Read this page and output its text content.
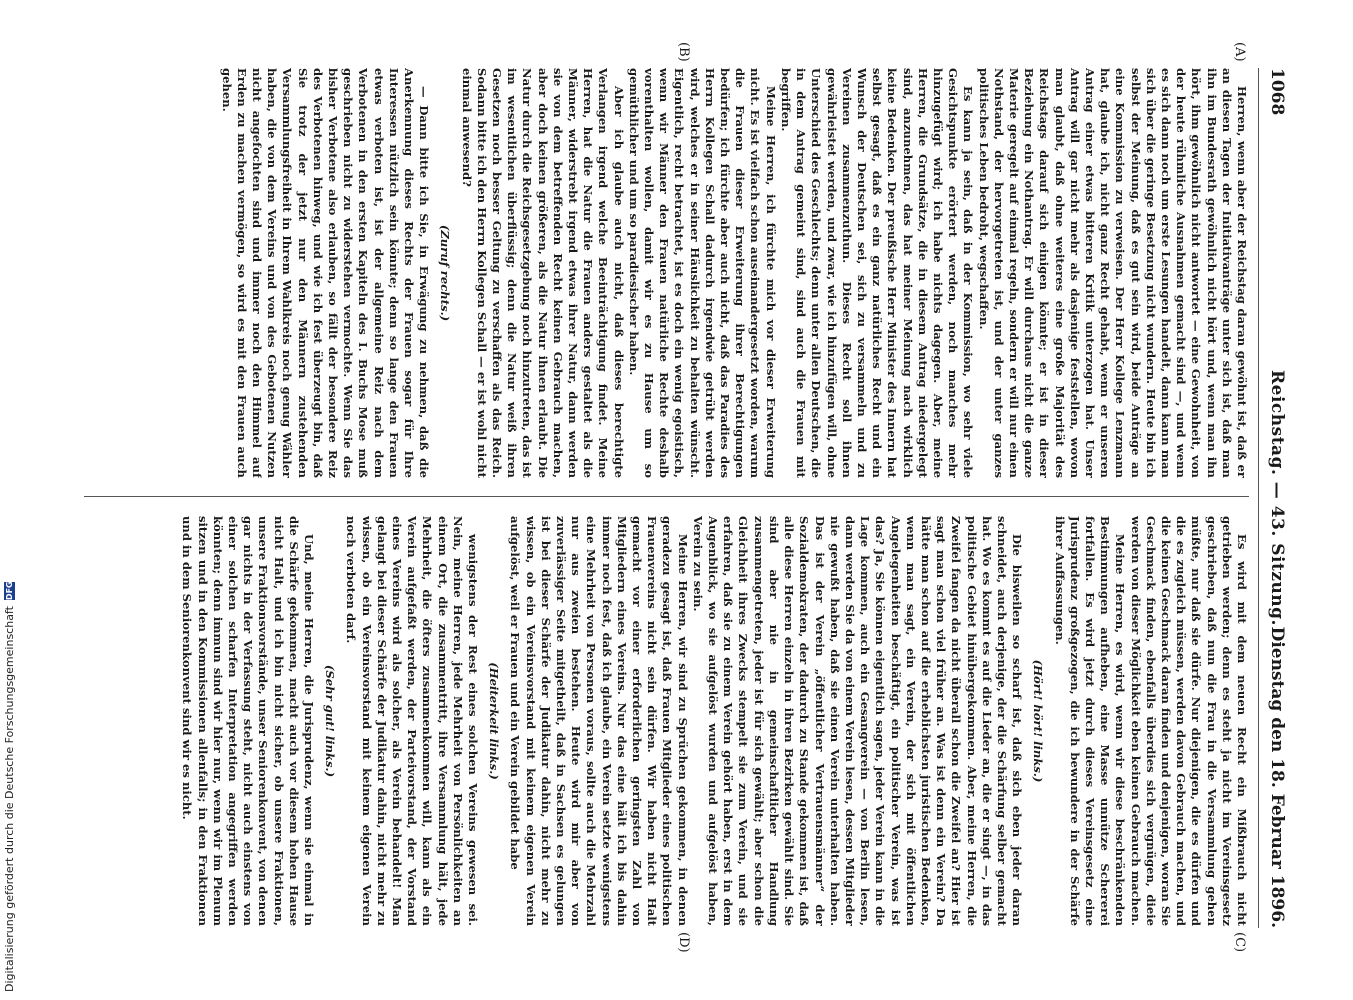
1068
Reichstag. — 43. Sitzung.
Dienstag den 18. Februar 1896.
(A)
(B)
(C)
(D)

Herren, wenn aber der Reichstag daran gewöhnt ist, daß er an diesen Tagen der Initiativanträge unter sich ist, daß man ihn im Bundesrath gewöhnlich nicht hört und, wenn man ihn hört, ihm gewöhnlich nicht antwortet — eine Gewohnheit, von der heute rühmliche Ausnahmen gemacht sind —, und wenn es sich dann noch um erste Lesungen handelt, dann kann man sich über die geringe Besetzung nicht wundern. Heute bin ich selbst der Meinung, daß es gut sein wird, beide Anträge an eine Kommission zu verweisen. Der Herr Kollege Lenzmann hat, glaube ich, nicht ganz Recht gehabt, wenn er unseren Antrag einer etwas bitteren Kritik unterzogen hat. Unser Antrag will gar nicht mehr als dasjenige feststellen, wovon man glaubt, daß ohne weiteres eine große Majorität des Reichstags darauf sich einigen könnte; er ist in dieser Beziehung ein Nothantrag. Er will durchaus nicht die ganze Materie geregelt auf einmal regeln, sondern er will nur einen Nothstand, der hervorgetreten ist, und der unter ganzes politisches Leben bedroht, wegschaffen.

Es kann ja sein, daß in der Kommission, wo sehr viele Gesichtspunkte erörtert werden, noch manches mehr hinzugefügt wird; ich habe nichts dagegen. Aber, meine Herren, die Grundsätze, die in diesem Antrag niedergelegt sind, anzunehmen, das hat meiner Meinung nach wirklich keine Bedenken. Der preußische Herr Minister des Innern hat selbst gesagt, daß es ein ganz natürliches Recht und ein Wunsch der Deutschen sei, sich zu versammeln und zu Vereinen zusammenzuthun. Dieses Recht soll ihnen gewährleistet werden, und zwar, wie ich hinzufügen will, ohne Unterschied des Geschlechts; denn unter allen Deutschen, die in dem Antrag gemeint sind, sind auch die Frauen mit begriffen.

Meine Herren, ich fürchte mich vor dieser Erweiterung nicht. Es ist vielfach schon auseinandergesetzt worden, warum die Frauen dieser Erweiterung ihrer Berechtigungen bedürfen; ich fürchte aber auch nicht, daß das Paradies des Herrn Kollegen Schall dadurch irgendwie getrübt werden wird, welches er in seiner Häuslichkeit zu behalten wünscht. Eigentlich, recht betrachtet, ist es doch ein wenig egoistisch, wenn wir Männer den Frauen natürliche Rechte deshalb vorenthalten wollen, damit wir es zu Hause um so gemüthlicher und um so paradiesischer haben.

Aber ich glaube auch nicht, daß dieses berechtigte Verlangen irgend welche Beeinträchtigung findet. Meine Herren, hat die Natur die Frauen anders gestaltet als die Männer, widerstrebt irgend etwas ihrer Natur, dann werden sie von dem betreffenden Recht keinen Gebrauch machen, aber doch keinen größeren, als die Natur ihnen erlaubt. Die Natur durch die Reichsgesetzgebung noch hinzutreten, das ist im wesentlichen überflüssig; denn die Natur weiß ihren Gesetzen noch besser Geltung zu verschaffen als das Reich. Sodann bitte ich den Herrn Kollegen Schall — er ist wohl nicht einmal anwesend?

(Zuruf rechts.)

— Dann bitte ich Sie, in Erwägung zu nehmen, daß die Anerkennung dieses Rechts der Frauen sogar für Ihre Interessen nützlich sein könnte; denn so lange den Frauen etwas verboten ist, ist der allgemeine Reiz nach dem Verbotenen in den ersten Kapiteln des I. Buchs Mose muß geschrieben nicht zu widerstehen vermochte. Wenn Sie das bisher Verbotene also erlauben, so fällt der besondere Reiz des Verbotenen hinweg, und wie ich fest überzeugt bin, daß Sie trotz der jetzt nur den Männern zustehenden Versammlungsfreiheit in Ihrem Wahlkreis noch genug Wähler haben, die von dem Vereins und von des Gebotenen Nutzen nicht angefochten sind und immer noch den Himmel auf Erden zu machen vermögen, so wird es mit den Frauen auch gehen.

Es wird mit dem neuen Recht ein Mißbrauch nicht getrieben werden; denn es steht ja nicht im Vereinsgesetz geschrieben, daß nun die Frau in die Versammlung gehen müßte, nur daß sie dürfe. Nur diejenigen, die es dürfen und die es zugleich müssen, werden davon Gebrauch machen, und die keinen Geschmack daran finden und denjenigen, woran Sie Geschmack finden, ebenfalls überdies sich vergnügen, dieie werden von dieser Möglichkeit eben keinen Gebrauch machen.

Meine Herren, es wird, wenn wir diese beschränkenden Bestimmungen aufheben, eine Masse unnütze Schererei fortfallen. Es wird jetzt durch dieses Vereinsgesetz eine Jurisprudenz großgezogen, die ich bewundere in der Schärfe ihrer Auffassungen.

(Hört! hört! links.)

Die bisweilen so scharf ist, daß sich eben jeder daran schneidet, auch derjenige, der die Schärfung selber gemacht hat. Wo es kommt es auf die Lieder an, die er singt —, in das politische Gebiet hinübergekommen. Aber, meine Herren, die Zweifel fangen da nicht überall schon die Zweifel an? Hier ist sagt man schon viel früher an. Was ist denn ein Verein? Da hätte man schon auf die erheblichsten juristischen Bedenken, wenn man sagt, ein Verein, der sich mit öffentlichen Angelegenheiten beschäftigt, ein politischer Verein, was ist das? Ja, Sie können eigentlich sagen, jeder Verein kann in die Lage kommen, auch ein Gesangverein — von Berlin lesen, dann werden Sie da von einem Verein lesen, dessen Mitglieder nie gewußt haben, daß sie einen Verein unterhalten haben. Das ist der Verein „öffentlicher Vertrauensmänner“ der Sozialdemokraten, der dadurch zu Stande gekommen ist, daß alle diese Herren einzeln in ihren Bezirken gewählt sind. Sie sind aber nie in gemeinschaftlicher Handlung zusammengetreten, jeder ist für sich gewählt; aber schon die Gleichheit ihres Zwecks stempelt sie zum Verein, und sie erfahren, daß sie zu einem Verein gehört haben, erst in dem Augenblick, wo sie aufgelöst wurden und aufgelöst haben, Verein zu sein.

Meine Herren, wir sind zu Sprüchen gekommen, in denen geradezu gesagt ist, daß Frauen Mitglieder eines politischen Frauenvereins nicht sein dürfen. Wir haben nicht Halt gemacht vor einer erforderlichen geringsten Zahl von Mitgliedern eines Vereins. Nur das eine hält ich bis dahin immer noch fest, daß ich glaube, ein Verein setzte wenigstens eine Mehrheit von Personen voraus, sollte auch die Mehrzahl nur aus zweien bestehen. Heute wird mir aber von zuverlässiger Seite mitgetheilt, daß in Sachsen es gelungen ist bei dieser Schärfe der Judikatur dahin, nicht mehr zu wissen, ob ein Vereinsvorstand mit keinem eigenen Verein aufgelöst, weil er Frauen und ein Verein gebildet habe

(Heiterkeit links.)

wenigstens der Rest eines solchen Vereins gewesen sei. Nein, meine Herren, jede Mehrheit von Persönlichkeiten an einem Ort, die zusammentritt, ihre Versammlung hält, jede Mehrheit, die öfters zusammenkommen will, kann als ein Verein aufgefaßt werden, der Parteivorstand, der Vorstand eines Vereins wird als solcher, als Verein behandelt! Man gelangt bei dieser Schärfe der Judikatur dahin, nicht mehr zu wissen, ob ein Vereinsvorstand mit keinem eigenen Verein noch verboten darf.

(Sehr gut! links.)

Und, meine Herren, die Jurisprudenz, wenn sie einmal in die Schärfe gekommen, macht auch vor diesem hohen Hause nicht Halt, und ich bin nicht sicher, ob unsere Fraktionen, unsere Fraktionsvorstände, unser Seniorenkonvent, von denen gar nichts in der Verfassung steht, nicht auch einstens von einer solchen scharfen Interpretation angegriffen werden könnten; denn immun sind wir hier nur, wenn wir im Plenum sitzen und in den Kommissionen allenfalls; in den Fraktionen und in dem Seniorenkonvent sind wir es nicht.

Digitalisierung gefördert durch die Deutsche Forschungsgemeinschaft
DFG
